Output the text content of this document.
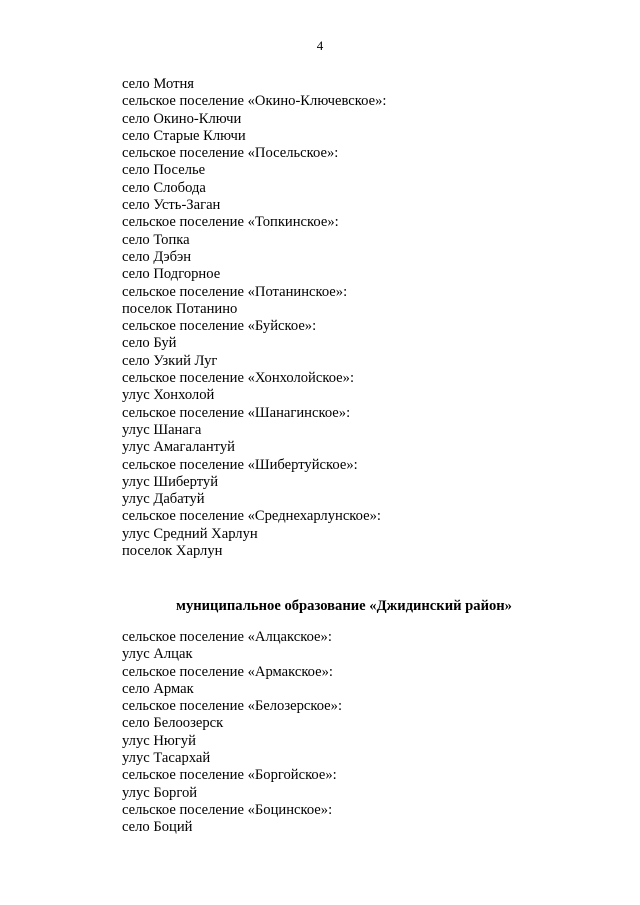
4
село Мотня
сельское поселение «Окино-Ключевское»:
село Окино-Ключи
село Старые Ключи
сельское поселение «Посельское»:
село Поселье
село Слобода
село Усть-Заган
сельское поселение «Топкинское»:
село Топка
село Дэбэн
село Подгорное
сельское поселение «Потанинское»:
поселок Потанино
сельское поселение «Буйское»:
село Буй
село Узкий Луг
сельское поселение «Хонхолойское»:
улус Хонхолой
сельское поселение «Шанагинское»:
улус Шанага
улус Амагалантуй
сельское поселение «Шибертуйское»:
улус Шибертуй
улус Дабатуй
сельское поселение «Среднехарлунское»:
улус Средний Харлун
поселок Харлун
муниципальное образование «Джидинский район»
сельское поселение «Алцакское»:
улус Алцак
сельское поселение «Армакское»:
село Армак
сельское поселение «Белозерское»:
село Белоозерск
улус Нюгуй
улус Тасархай
сельское поселение «Боргойское»:
улус Боргой
сельское поселение «Боцинское»:
село Боций
